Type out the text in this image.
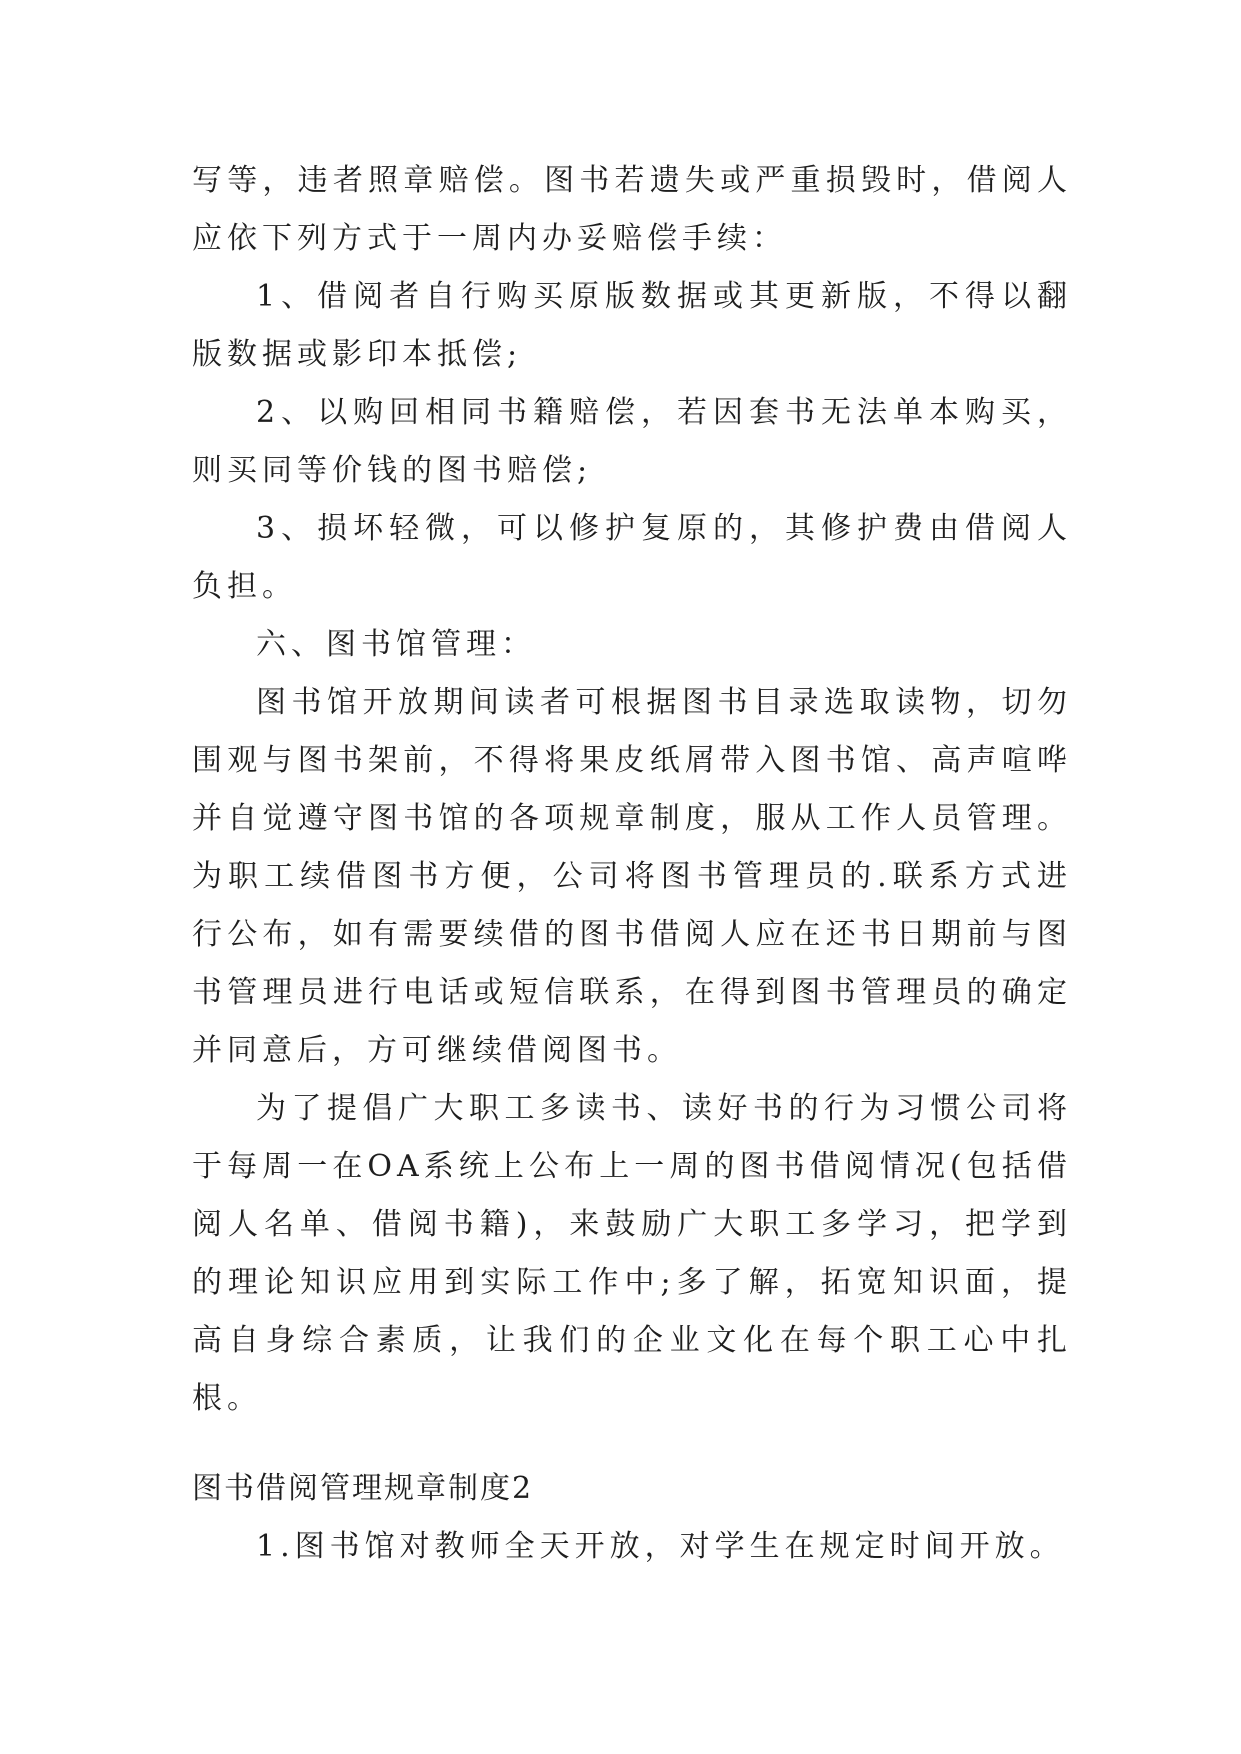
写等，违者照章赔偿。图书若遗失或严重损毁时，借阅人应依下列方式于一周内办妥赔偿手续：

1、借阅者自行购买原版数据或其更新版，不得以翻版数据或影印本抵偿;

2、以购回相同书籍赔偿，若因套书无法单本购买，则买同等价钱的图书赔偿;

3、损坏轻微，可以修护复原的，其修护费由借阅人负担。

六、图书馆管理：

图书馆开放期间读者可根据图书目录选取读物，切勿围观与图书架前，不得将果皮纸屑带入图书馆、高声喧哗并自觉遵守图书馆的各项规章制度，服从工作人员管理。为职工续借图书方便，公司将图书管理员的.联系方式进行公布，如有需要续借的图书借阅人应在还书日期前与图书管理员进行电话或短信联系，在得到图书管理员的确定并同意后，方可继续借阅图书。

为了提倡广大职工多读书、读好书的行为习惯公司将于每周一在OA系统上公布上一周的图书借阅情况(包括借阅人名单、借阅书籍)，来鼓励广大职工多学习，把学到的理论知识应用到实际工作中;多了解，拓宽知识面，提高自身综合素质，让我们的企业文化在每个职工心中扎根。

图书借阅管理规章制度2

1.图书馆对教师全天开放，对学生在规定时间开放。
